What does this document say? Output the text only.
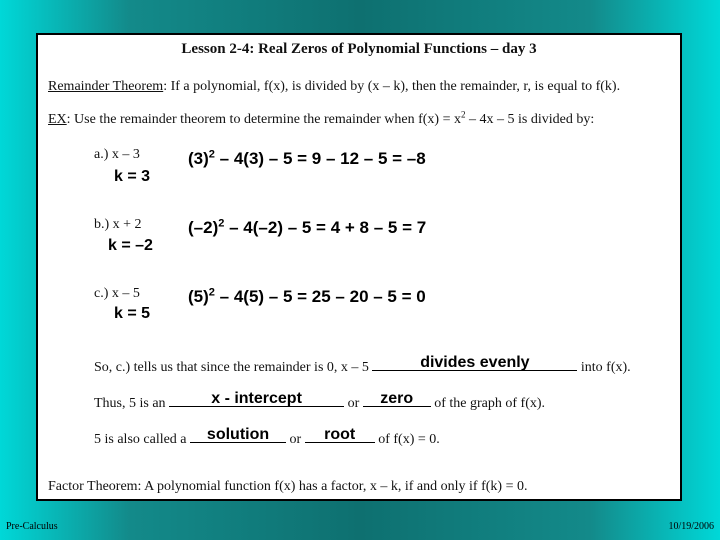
Lesson 2-4: Real Zeros of Polynomial Functions – day 3
Remainder Theorem: If a polynomial, f(x), is divided by (x – k), then the remainder, r, is equal to f(k).
EX: Use the remainder theorem to determine the remainder when $f(x) = x^2 - 4x - 5$ is divided by:
a.) x – 3
k = 3
$(3)^2 - 4(3) - 5 = 9 - 12 - 5 = -8$
b.) x + 2
k = –2
$(-2)^2 - 4(-2) - 5 = 4 + 8 - 5 = 7$
c.) x – 5
k = 5
$(5)^2 - 4(5) - 5 = 25 - 20 - 5 = 0$
So, c.) tells us that since the remainder is 0, x – 5	divides evenly	into f(x).
Thus, 5 is an	x - intercept	or	zero	of the graph of f(x).
5 is also called a	solution	or	root	of f(x) = 0.
Factor Theorem: A polynomial function f(x) has a factor, x – k, if and only if f(k) = 0.
Pre-Calculus	10/19/2006
